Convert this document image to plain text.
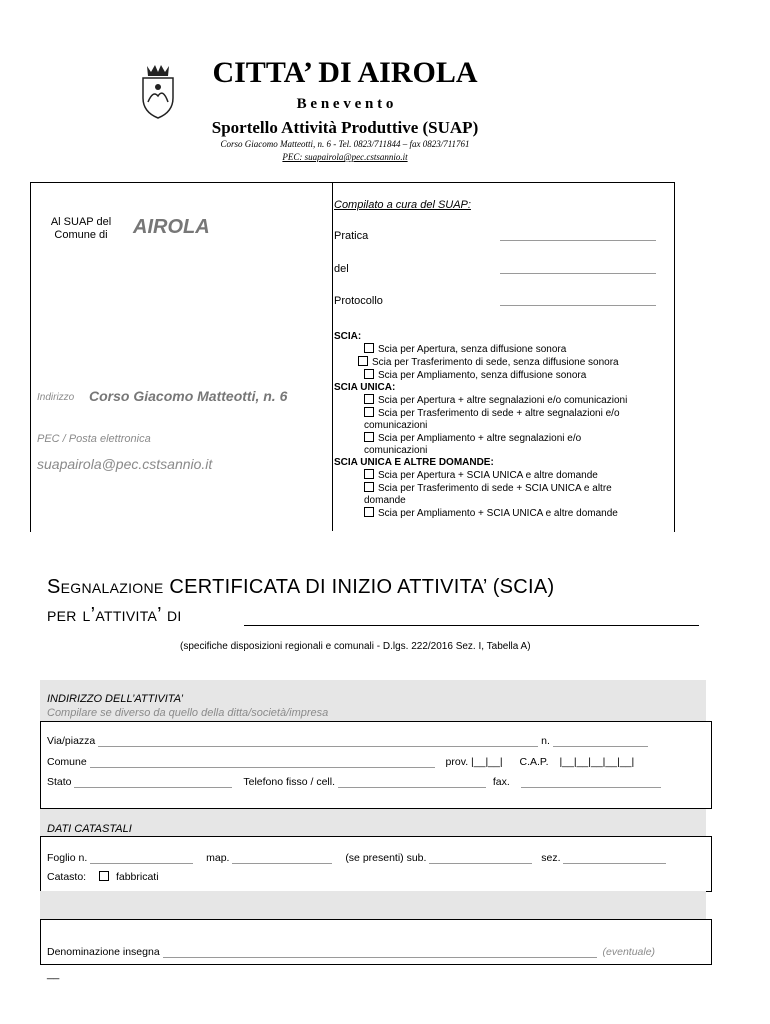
CITTA’ DI AIROLA
B e n e v e n t o
Sportello Attività Produttive (SUAP)
Corso Giacomo Matteotti, n. 6 - Tel. 0823/711844 – fax 0823/711761
PEC: suapairola@pec.cstsannio.it
Al SUAP del Comune di	AIROLA
Indirizzo Corso Giacomo Matteotti, n. 6
PEC / Posta elettronica
suapairola@pec.cstsannio.it
Compilato a cura del SUAP:
Pratica
del
Protocollo
SCIA:
Scia per Apertura, senza diffusione sonora
Scia per Trasferimento di sede, senza diffusione sonora
Scia per Ampliamento, senza diffusione sonora
SCIA UNICA:
Scia per Apertura + altre segnalazioni e/o comunicazioni
Scia per Trasferimento di sede + altre segnalazioni e/o comunicazioni
Scia per Ampliamento + altre segnalazioni e/o comunicazioni
SCIA UNICA E ALTRE DOMANDE:
Scia per Apertura + SCIA UNICA e altre domande
Scia per Trasferimento di sede + SCIA UNICA e altre domande
Scia per Ampliamento + SCIA UNICA e altre domande
Segnalazione CERTIFICATA DI INIZIO ATTIVITA’ (SCIA)
per l’attivita’ di
(specifiche disposizioni regionali e comunali - D.lgs. 222/2016 Sez. I, Tabella A)
INDIRIZZO DELL’ATTIVITA’
Compilare se diverso da quello della ditta/società/impresa
Via/piazza	n.
Comune	prov. |__|__| C.A.P. |__|__|__|__|__|
Stato	Telefono fisso / cell.	fax.
DATI CATASTALI
Foglio n.	map.	(se presenti) sub.	sez.
Catasto:	fabbricati
Denominazione insegna	(eventuale)
__
